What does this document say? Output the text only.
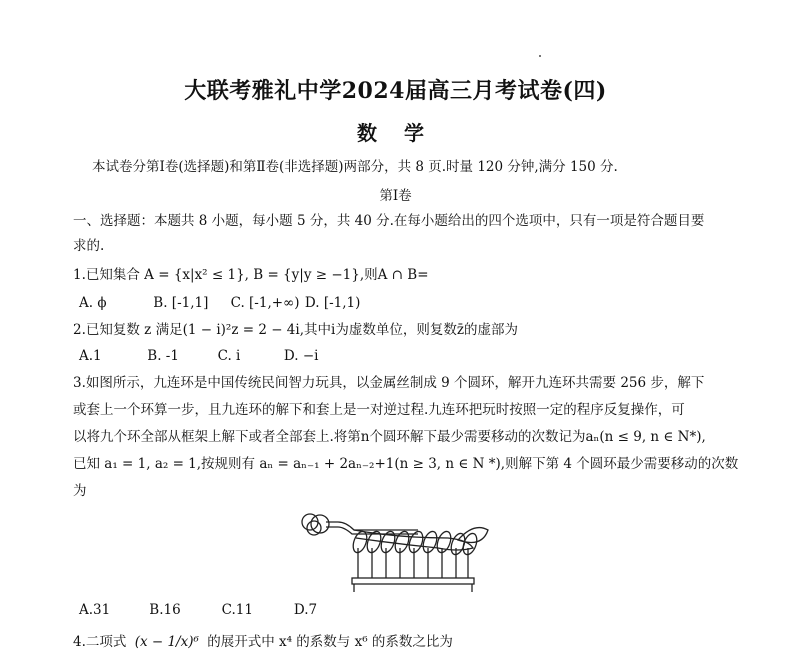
大联考雅礼中学2024届高三月考试卷(四)
数 学
本试卷分第Ⅰ卷(选择题)和第Ⅱ卷(非选择题)两部分，共 8 页.时量 120 分钟,满分 150 分.
第Ⅰ卷
一、选择题：本题共 8 小题，每小题 5 分，共 40 分.在每小题给出的四个选项中，只有一项是符合题目要
求的.
1.已知集合 A = {x|x² ≤ 1}, B = {y|y ≥ −1},则A ∩ B=
A. ϕ	B. [-1,1] C. [-1,+∞) D. [-1,1)
2.已知复数 z 满足(1 − i)²z = 2 − 4i,其中i为虚数单位，则复数z̄的虚部为
A.1	B. -1	C. i	D. −i
3.如图所示，九连环是中国传统民间智力玩具，以金属丝制成 9 个圆环，解开九连环共需要 256 步，解下
或套上一个环算一步，且九连环的解下和套上是一对逆过程.九连环把玩时按照一定的程序反复操作，可
以将九个环全部从框架上解下或者全部套上.将第n个圆环解下最少需要移动的次数记为aₙ(n ≤ 9, n ∈ N*),
已知 a₁ = 1, a₂ = 1,按规则有 aₙ = aₙ₋₁ + 2aₙ₋₂+1(n ≥ 3, n ∈ N *),则解下第 4 个圆环最少需要移动的次数
为
A.31	B.16	C.11	D.7
4.二项式 (x − 1/x)⁶ 的展开式中 x⁴ 的系数与 x⁶ 的系数之比为
